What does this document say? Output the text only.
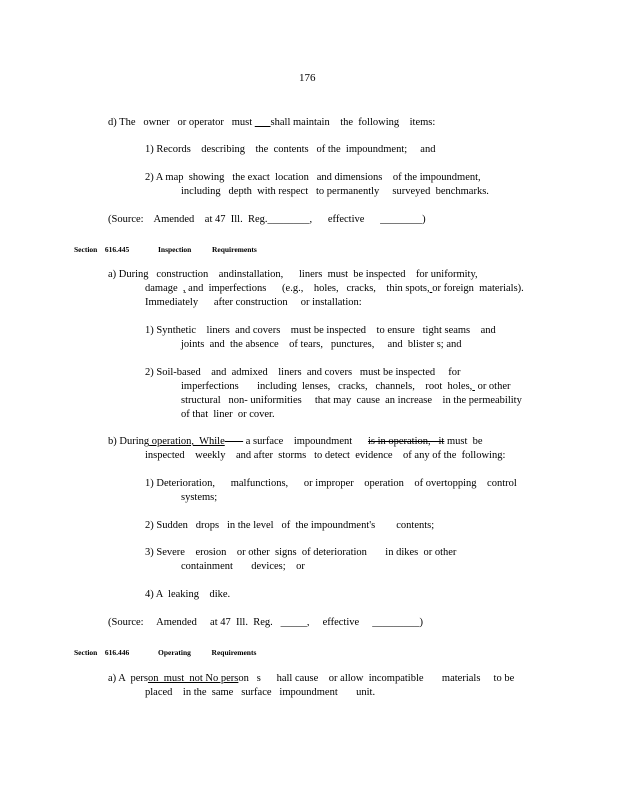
176
d) The   owner   or operator   must       shall maintain    the  following    items:
1) Records    describing    the  contents   of the  impoundment;     and
2) A map  showing   the exact  location   and dimensions    of the impoundment,
including   depth  with respect   to permanently     surveyed  benchmarks.
(Source:    Amended    at 47  Ill.  Reg.________,      effective ________)
Section    616.445	Inspection           Requirements
a) During   construction    andinstallation,      liners  must  be inspected    for uniformity,
damage  , and  imperfections      (e.g.,    holes,   cracks,    thin spots, or foreign  materials).
Immediately      after construction     or installation:
1) Synthetic    liners  and covers    must be inspected    to ensure   tight seams    and
joints  and  the absence    of tears,   punctures,     and  blister s; and
2) Soil-based    and  admixed    liners  and covers   must be inspected     for
imperfections       including  lenses,   cracks,   channels,    root  holes,  or other
structural   non- uniformities     that may  cause  an increase    in the permeability
of that  liner  or cover.
b) During operation,  While        a surface    impoundment is in operation,   it must  be
inspected    weekly    and after  storms   to detect  evidence    of any of the  following:
1) Deterioration,      malfunctions,      or improper    operation    of overtopping    control
systems;
2) Sudden   drops   in the level   of  the impoundment's        contents;
3) Severe    erosion    or other  signs  of deterioration       in dikes  or other
containment       devices;    or
4) A  leaking    dike.
(Source:     Amended     at 47  Ill.  Reg. _____,     effective _________)
Section    616.446	Operating           Requirements
a) A  person  must  not No person   s      hall cause    or allow  incompatible       materials     to be
placed    in the  same   surface   impoundment       unit.
